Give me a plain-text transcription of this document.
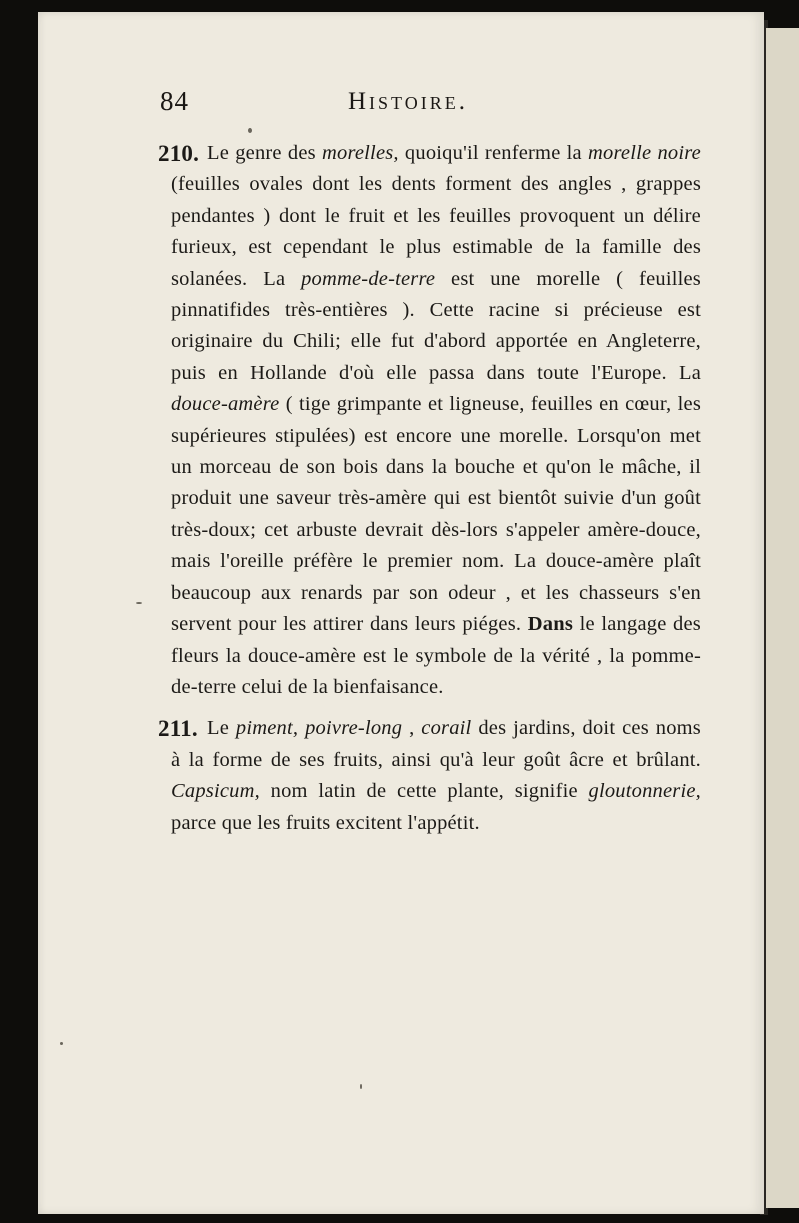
84	Histoire.

210. Le genre des morelles, quoiqu'il renferme la morelle noire (feuilles ovales dont les dents forment des angles , grappes pendantes ) dont le fruit et les feuilles provoquent un délire furieux, est cependant le plus estimable de la famille des solanées. La pomme-de-terre est une morelle ( feuilles pinnatifides très-entières ). Cette racine si précieuse est originaire du Chili; elle fut d'abord apportée en Angleterre, puis en Hollande d'où elle passa dans toute l'Europe. La douce-amère ( tige grimpante et ligneuse, feuilles en cœur, les supérieures stipulées) est encore une morelle. Lorsqu'on met un morceau de son bois dans la bouche et qu'on le mâche, il produit une saveur très-amère qui est bientôt suivie d'un goût très-doux; cet arbuste devrait dès-lors s'appeler amère-douce, mais l'oreille préfère le premier nom. La douce-amère plaît beaucoup aux renards par son odeur , et les chasseurs s'en servent pour les attirer dans leurs piéges. Dans le langage des fleurs la douce-amère est le symbole de la vérité , la pomme-de-terre celui de la bienfaisance.

211. Le piment, poivre-long , corail des jardins, doit ces noms à la forme de ses fruits, ainsi qu'à leur goût âcre et brûlant. Capsicum, nom latin de cette plante, signifie gloutonnerie, parce que les fruits excitent l'appétit.
